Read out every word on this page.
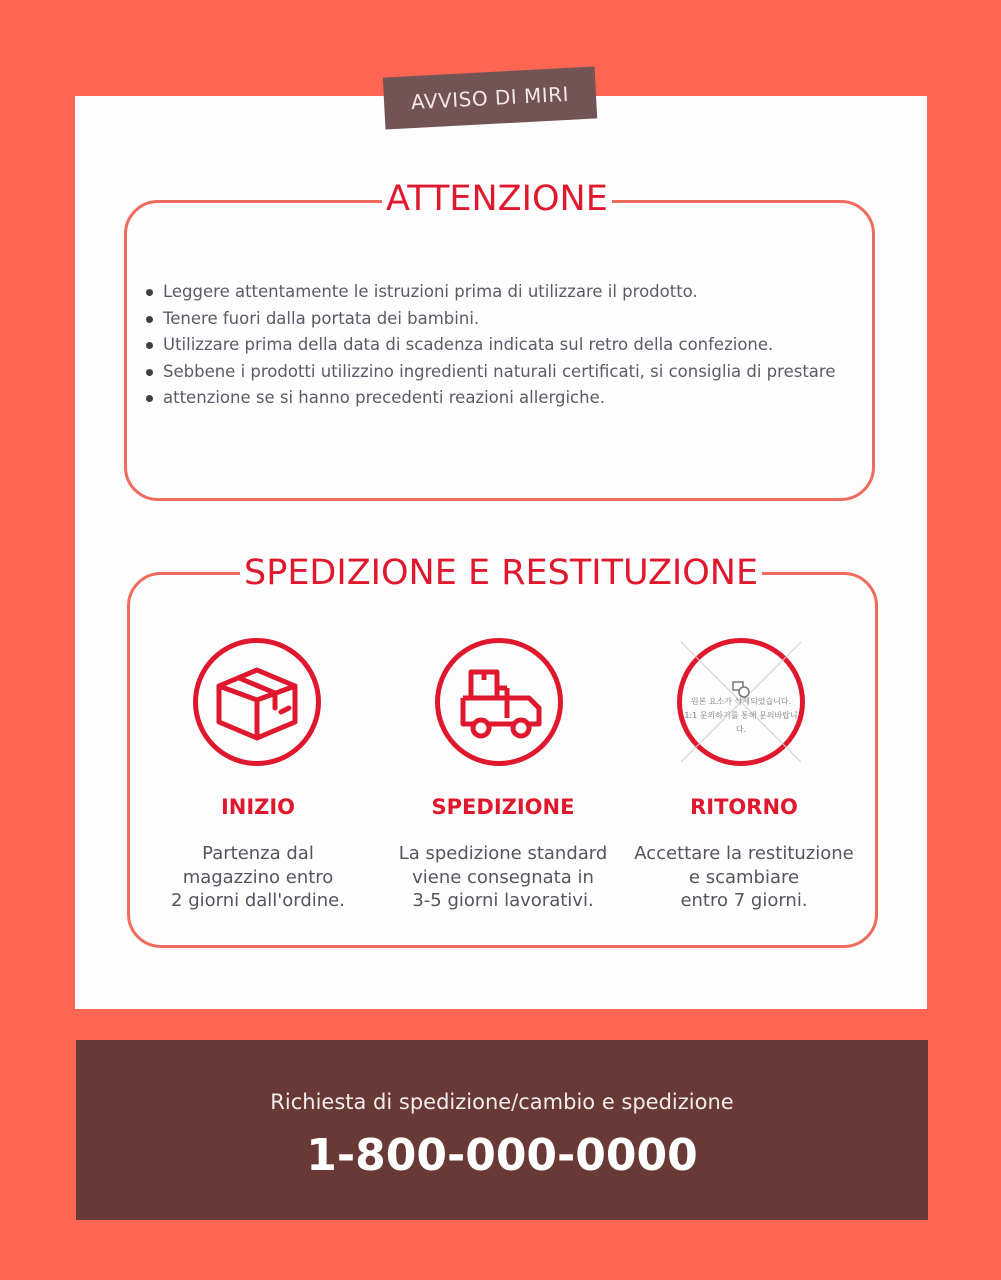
AVVISO DI MIRI
ATTENZIONE
Leggere attentamente le istruzioni prima di utilizzare il prodotto.
Tenere fuori dalla portata dei bambini.
Utilizzare prima della data di scadenza indicata sul retro della confezione.
Sebbene i prodotti utilizzino ingredienti naturali certificati, si consiglia di prestare
attenzione se si hanno precedenti reazioni allergiche.
SPEDIZIONE E RESTITUZIONE
원본 요소가 삭제되었습니다.
1:1 문의하기를 통해 문의바랍니다.
INIZIO	SPEDIZIONE	RITORNO
Partenza dal
magazzino entro
2 giorni dall'ordine.
La spedizione standard
viene consegnata in
3-5 giorni lavorativi.
Accettare la restituzione
e scambiare
entro 7 giorni.
Richiesta di spedizione/cambio e spedizione
1-800-000-0000
